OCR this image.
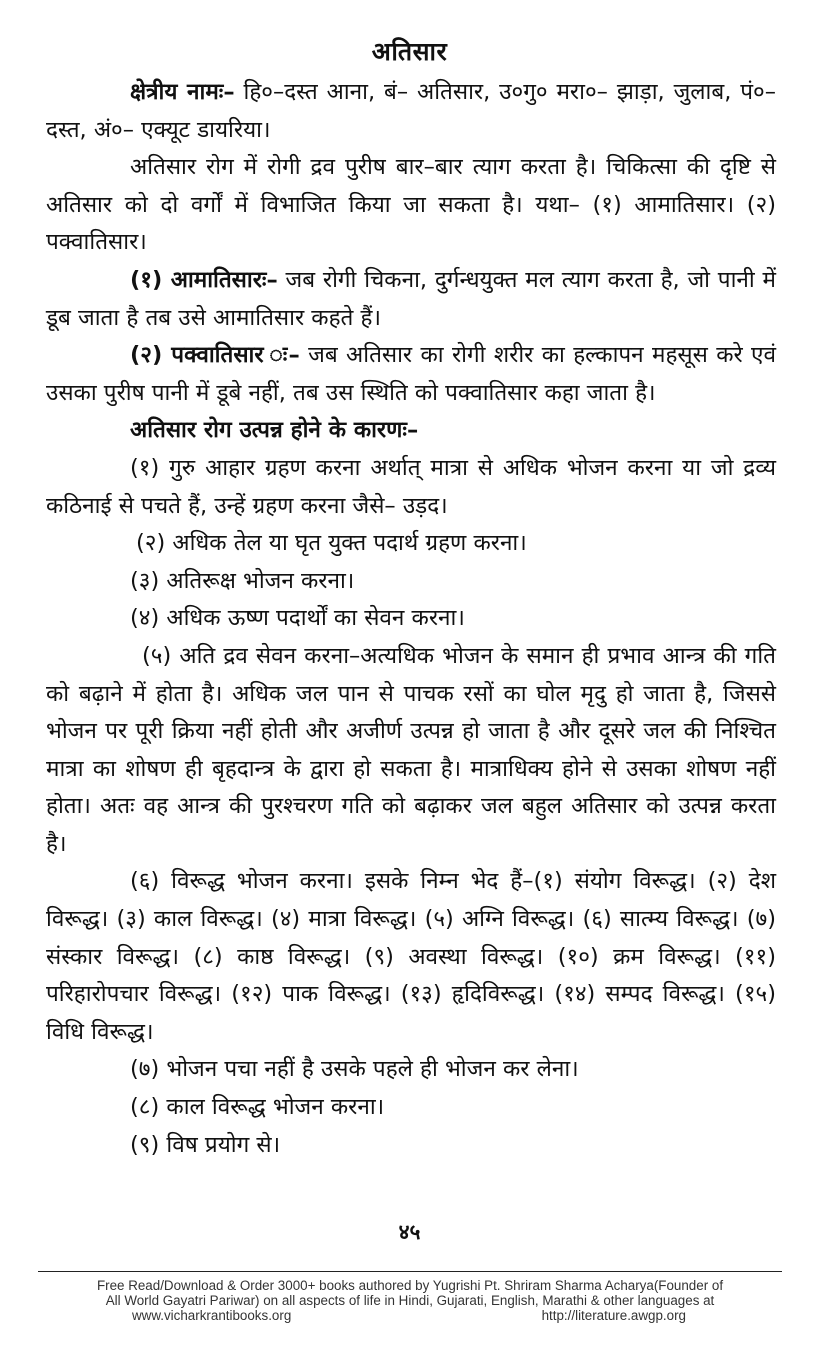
अतिसार

क्षेत्रीय नामः– हि०–दस्त आना, बं– अतिसार, उ०गु० मरा०– झाड़ा, जुलाब, पं०– दस्त, अं०– एक्यूट डायरिया।

अतिसार रोग में रोगी द्रव पुरीष बार–बार त्याग करता है। चिकित्सा की दृष्टि से अतिसार को दो वर्गों में विभाजित किया जा सकता है। यथा– (१) आमातिसार। (२) पक्वातिसार।

(१) आमातिसारः– जब रोगी चिकना, दुर्गन्धयुक्त मल त्याग करता है, जो पानी में डूब जाता है तब उसे आमातिसार कहते हैं।

(२) पक्वातिसार ः– जब अतिसार का रोगी शरीर का हल्कापन महसूस करे एवं उसका पुरीष पानी में डूबे नहीं, तब उस स्थिति को पक्वातिसार कहा जाता है।

अतिसार रोग उत्पन्न होने के कारणः–

(१) गुरु आहार ग्रहण करना अर्थात् मात्रा से अधिक भोजन करना या जो द्रव्य कठिनाई से पचते हैं, उन्हें ग्रहण करना जैसे– उड़द।

(२) अधिक तेल या घृत युक्त पदार्थ ग्रहण करना।

(३) अतिरूक्ष भोजन करना।

(४) अधिक ऊष्ण पदार्थों का सेवन करना।

(५) अति द्रव सेवन करना–अत्यधिक भोजन के समान ही प्रभाव आन्त्र की गति को बढ़ाने में होता है। अधिक जल पान से पाचक रसों का घोल मृदु हो जाता है, जिससे भोजन पर पूरी क्रिया नहीं होती और अजीर्ण उत्पन्न हो जाता है और दूसरे जल की निश्चित मात्रा का शोषण ही बृहदान्त्र के द्वारा हो सकता है। मात्राधिक्य होने से उसका शोषण नहीं होता। अतः वह आन्त्र की पुरश्चरण गति को बढ़ाकर जल बहुल अतिसार को उत्पन्न करता है।

(६) विरूद्ध भोजन करना। इसके निम्न भेद हैं–(१) संयोग विरूद्ध। (२) देश विरूद्ध। (३) काल विरूद्ध। (४) मात्रा विरूद्ध। (५) अग्नि विरूद्ध। (६) सात्म्य विरूद्ध। (७) संस्कार विरूद्ध। (८) काष्ठ विरूद्ध। (९) अवस्था विरूद्ध। (१०) क्रम विरूद्ध। (११) परिहारोपचार विरूद्ध। (१२) पाक विरूद्ध। (१३) हृदिविरूद्ध। (१४) सम्पद विरूद्ध। (१५) विधि विरूद्ध।

(७) भोजन पचा नहीं है उसके पहले ही भोजन कर लेना।

(८) काल विरूद्ध भोजन करना।

(९) विष प्रयोग से।

४५

Free Read/Download & Order 3000+ books authored by Yugrishi Pt. Shriram Sharma Acharya(Founder of

All World Gayatri Pariwar) on all aspects of life in Hindi, Gujarati, English, Marathi & other languages at

www.vicharkrantibooks.org	http://literature.awgp.org
